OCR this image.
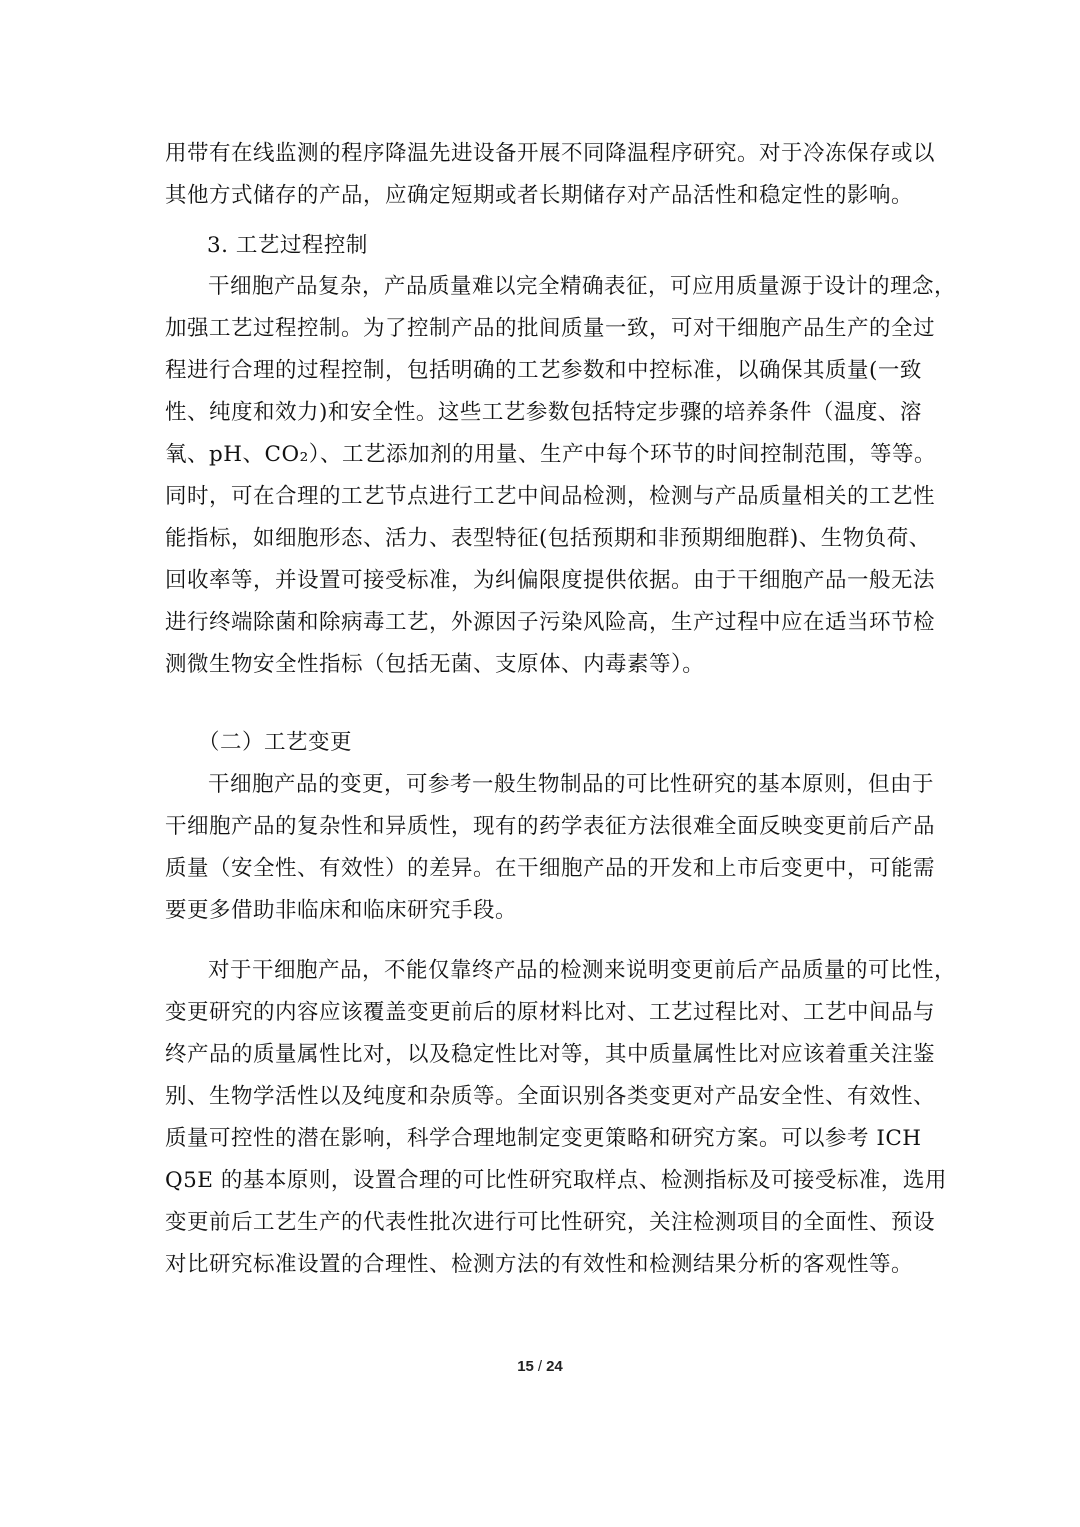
用带有在线监测的程序降温先进设备开展不同降温程序研究。对于冷冻保存或以
其他方式储存的产品，应确定短期或者长期储存对产品活性和稳定性的影响。
3. 工艺过程控制
干细胞产品复杂，产品质量难以完全精确表征，可应用质量源于设计的理念，
加强工艺过程控制。为了控制产品的批间质量一致，可对干细胞产品生产的全过
程进行合理的过程控制，包括明确的工艺参数和中控标准，以确保其质量(一致
性、纯度和效力)和安全性。这些工艺参数包括特定步骤的培养条件（温度、溶
氧、pH、CO₂）、工艺添加剂的用量、生产中每个环节的时间控制范围，等等。
同时，可在合理的工艺节点进行工艺中间品检测，检测与产品质量相关的工艺性
能指标，如细胞形态、活力、表型特征(包括预期和非预期细胞群)、生物负荷、
回收率等，并设置可接受标准，为纠偏限度提供依据。由于干细胞产品一般无法
进行终端除菌和除病毒工艺，外源因子污染风险高，生产过程中应在适当环节检
测微生物安全性指标（包括无菌、支原体、内毒素等）。
（二）工艺变更
干细胞产品的变更，可参考一般生物制品的可比性研究的基本原则，但由于
干细胞产品的复杂性和异质性，现有的药学表征方法很难全面反映变更前后产品
质量（安全性、有效性）的差异。在干细胞产品的开发和上市后变更中，可能需
要更多借助非临床和临床研究手段。
对于干细胞产品，不能仅靠终产品的检测来说明变更前后产品质量的可比性，
变更研究的内容应该覆盖变更前后的原材料比对、工艺过程比对、工艺中间品与
终产品的质量属性比对，以及稳定性比对等，其中质量属性比对应该着重关注鉴
别、生物学活性以及纯度和杂质等。全面识别各类变更对产品安全性、有效性、
质量可控性的潜在影响，科学合理地制定变更策略和研究方案。可以参考 ICH
Q5E 的基本原则，设置合理的可比性研究取样点、检测指标及可接受标准，选用
变更前后工艺生产的代表性批次进行可比性研究，关注检测项目的全面性、预设
对比研究标准设置的合理性、检测方法的有效性和检测结果分析的客观性等。
15 / 24
